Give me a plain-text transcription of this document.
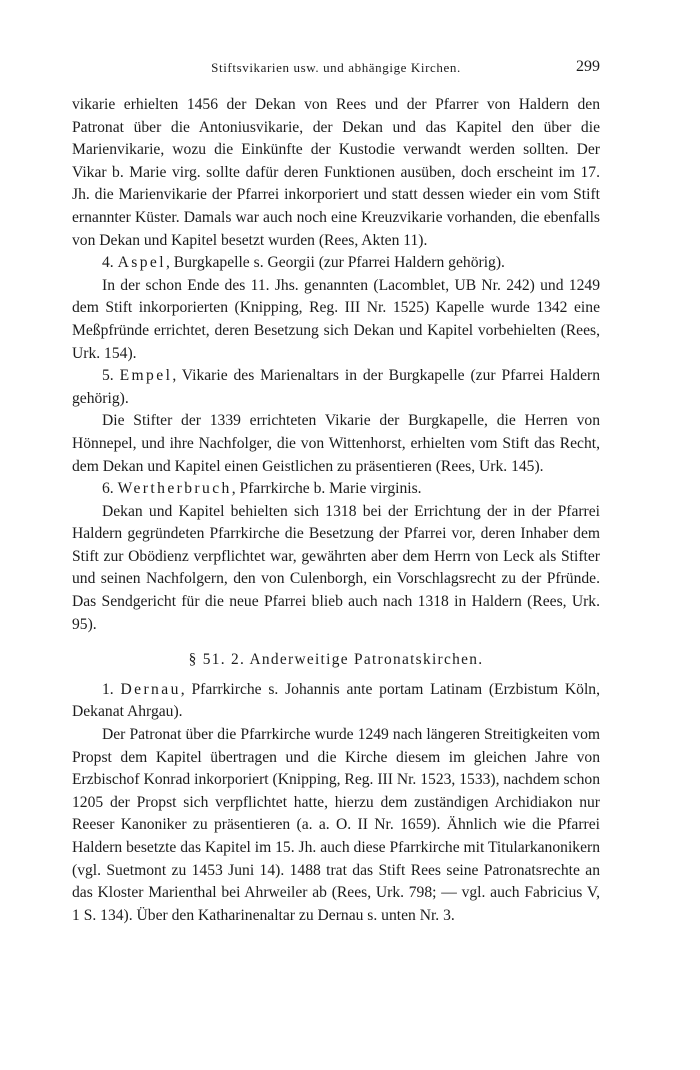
Stiftsvikarien usw. und abhängige Kirchen.	299

vikarie erhielten 1456 der Dekan von Rees und der Pfarrer von Haldern den Patronat über die Antoniusvikarie, der Dekan und das Kapitel den über die Marienvikarie, wozu die Einkünfte der Kustodie verwandt werden sollten. Der Vikar b. Marie virg. sollte dafür deren Funktionen ausüben, doch erscheint im 17. Jh. die Marienvikarie der Pfarrei inkorporiert und statt dessen wieder ein vom Stift ernannter Küster. Damals war auch noch eine Kreuzvikarie vorhanden, die ebenfalls von Dekan und Kapitel besetzt wurden (Rees, Akten 11).

4. Aspel, Burgkapelle s. Georgii (zur Pfarrei Haldern gehörig).

In der schon Ende des 11. Jhs. genannten (Lacomblet, UB Nr. 242) und 1249 dem Stift inkorporierten (Knipping, Reg. III Nr. 1525) Kapelle wurde 1342 eine Meßpfründe errichtet, deren Besetzung sich Dekan und Kapitel vorbehielten (Rees, Urk. 154).

5. Empel, Vikarie des Marienaltars in der Burgkapelle (zur Pfarrei Haldern gehörig).

Die Stifter der 1339 errichteten Vikarie der Burgkapelle, die Herren von Hönnepel, und ihre Nachfolger, die von Wittenhorst, erhielten vom Stift das Recht, dem Dekan und Kapitel einen Geistlichen zu präsentieren (Rees, Urk. 145).

6. Wertherbruch, Pfarrkirche b. Marie virginis.

Dekan und Kapitel behielten sich 1318 bei der Errichtung der in der Pfarrei Haldern gegründeten Pfarrkirche die Besetzung der Pfarrei vor, deren Inhaber dem Stift zur Obödienz verpflichtet war, gewährten aber dem Herrn von Leck als Stifter und seinen Nachfolgern, den von Culenborgh, ein Vorschlagsrecht zu der Pfründe. Das Sendgericht für die neue Pfarrei blieb auch nach 1318 in Haldern (Rees, Urk. 95).

§ 51. 2. Anderweitige Patronatskirchen.

1. Dernau, Pfarrkirche s. Johannis ante portam Latinam (Erzbistum Köln, Dekanat Ahrgau).

Der Patronat über die Pfarrkirche wurde 1249 nach längeren Streitigkeiten vom Propst dem Kapitel übertragen und die Kirche diesem im gleichen Jahre von Erzbischof Konrad inkorporiert (Knipping, Reg. III Nr. 1523, 1533), nachdem schon 1205 der Propst sich verpflichtet hatte, hierzu dem zuständigen Archidiakon nur Reeser Kanoniker zu präsentieren (a. a. O. II Nr. 1659). Ähnlich wie die Pfarrei Haldern besetzte das Kapitel im 15. Jh. auch diese Pfarrkirche mit Titularkanonikern (vgl. Suetmont zu 1453 Juni 14). 1488 trat das Stift Rees seine Patronatsrechte an das Kloster Marienthal bei Ahrweiler ab (Rees, Urk. 798; — vgl. auch Fabricius V, 1 S. 134). Über den Katharinenaltar zu Dernau s. unten Nr. 3.
